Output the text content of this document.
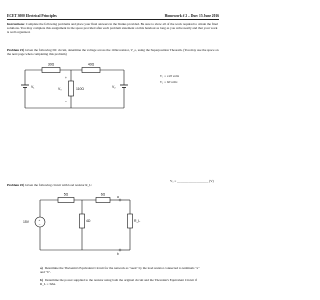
ECET 3000 Electrical Principles	Homework # 2 – Due: 15 June 2016
Instructions: Complete the following problems and place your final answers in the blanks provided. Be sure to show all of the work required to obtain the final solutions. You may complete this assignment in the space provided after each problem statement on this handout as long as you write neatly and that your work is well organized.
Problem #1) Given the following DC circuit, determine the voltage across the 110Ω resistor, V_o, using the Superposition Theorem. (You may use the space on the next page when completing this problem)
30Ω	40Ω
V₁	110Ω
V₀
+
–
V₂
V₁ = 120 volts
V₂ = 60 volts
V₀ = ___________________ (V)
Problem #2) Given the following circuit with load resistor R_L:
+
–
15V
5Ω
4Ω
6Ω
a
R_L
b
a) Determine the Thevenin's Equivalent Circuit for the network as "seen" by the load resistor connected to terminals "a" and "b".
b) Determine the power supplied to the resistor using both the original circuit and the Thevenin's Equivalent Circuit if R_L = 32Ω.
